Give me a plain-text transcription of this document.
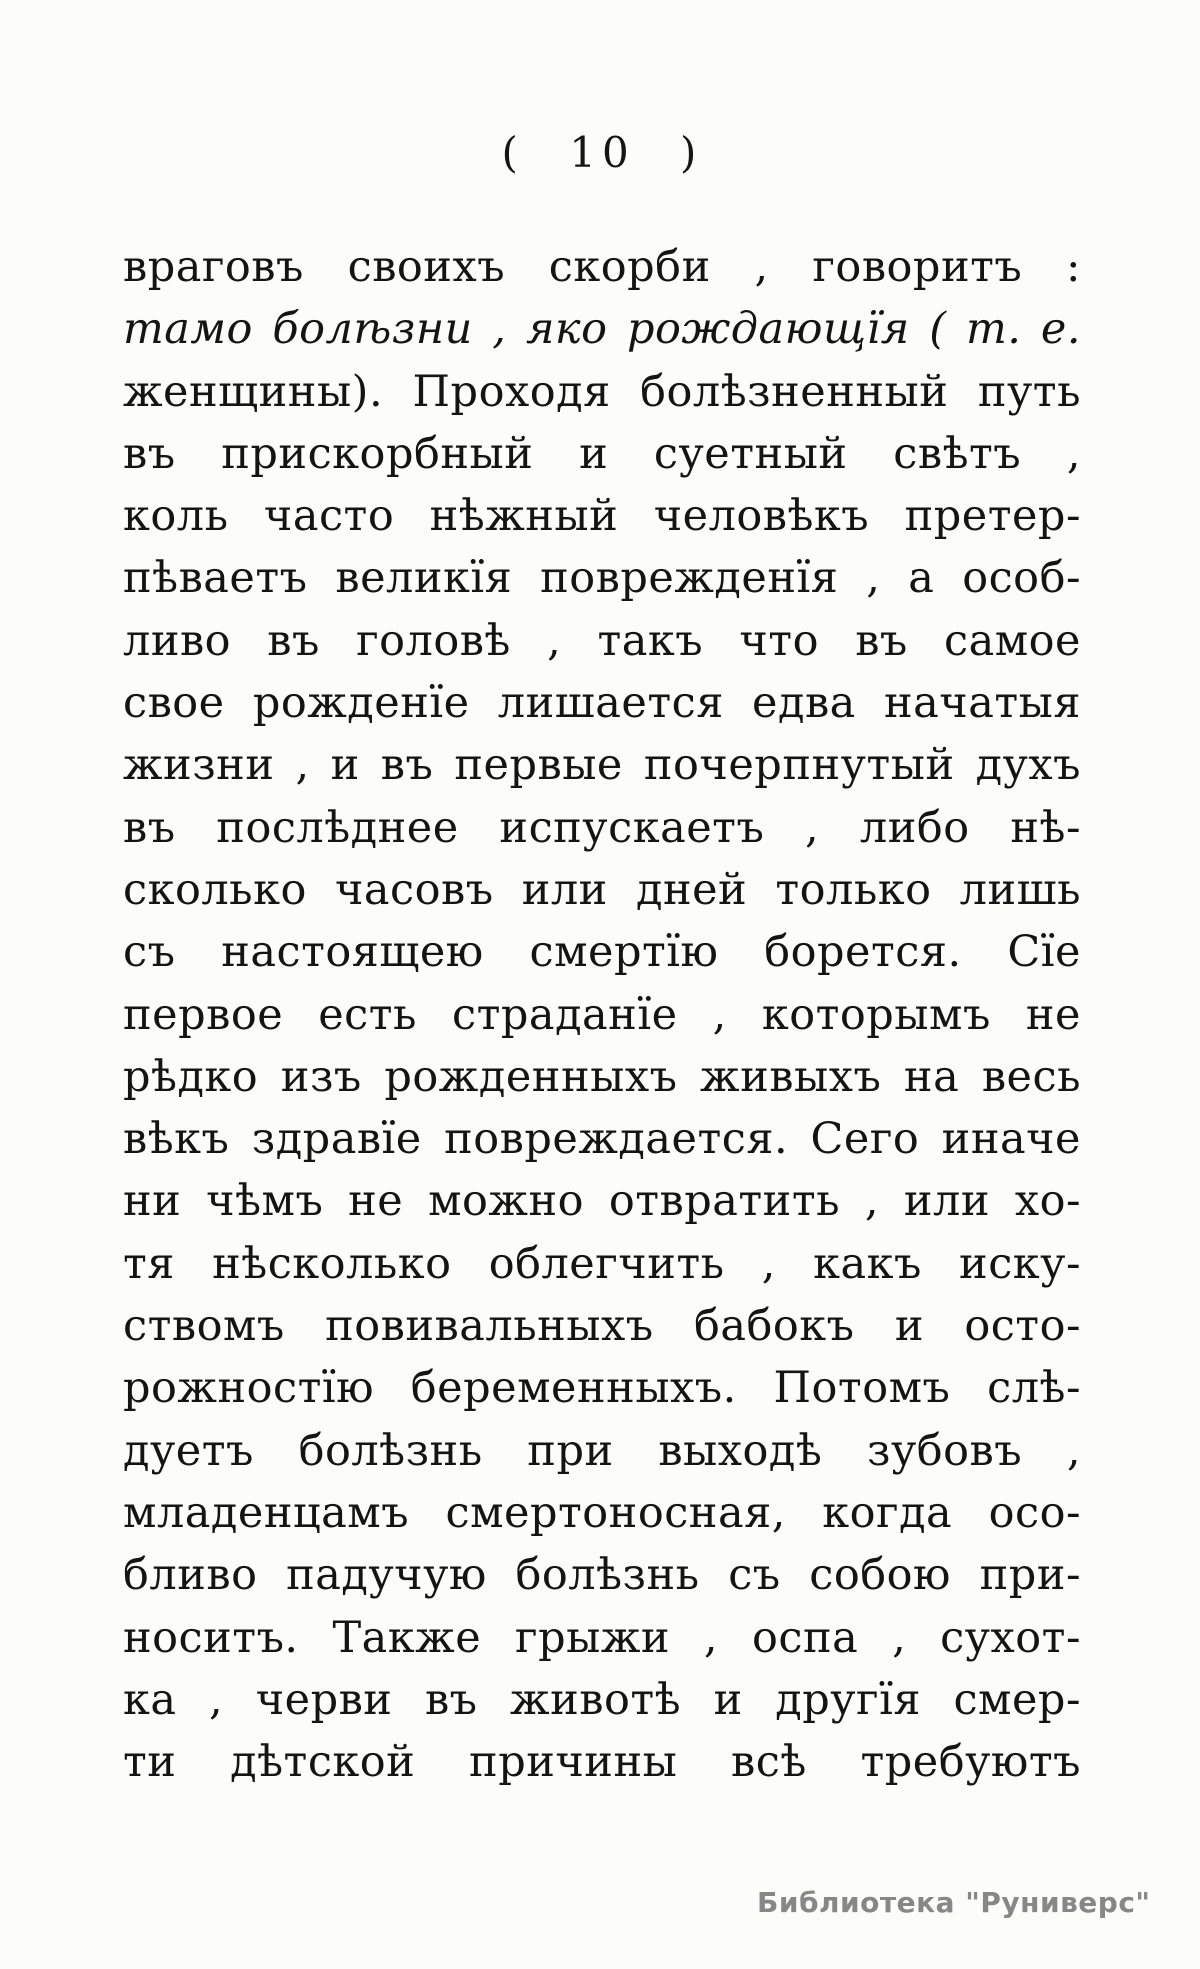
( 10 )
враговъ своихъ скорби , говоритъ :
тамо болѣзни , яко рождающїя ( т. е.
женщины). Проходя болѣзненный путь
въ прискорбный и суетный свѣтъ ,
коль часто нѣжный человѣкъ претер-
пѣваетъ великїя поврежденїя , а особ-
ливо въ головѣ , такъ что въ самое
свое рожденїе лишается едва начатыя
жизни , и въ первые почерпнутый духъ
въ послѣднее испускаетъ , либо нѣ-
сколько часовъ или дней только лишь
съ настоящею смертїю борется. Сїе
первое есть страданїе , которымъ не
рѣдко изъ рожденныхъ живыхъ на весь
вѣкъ здравїе повреждается. Сего иначе
ни чѣмъ не можно отвратить , или хо-
тя нѣсколько облегчить , какъ иску-
ствомъ повивальныхъ бабокъ и осто-
рожностїю беременныхъ. Потомъ слѣ-
дуетъ болѣзнь при выходѣ зубовъ ,
младенцамъ смертоносная, когда осо-
бливо падучую болѣзнь съ собою при-
носитъ. Также грыжи , оспа , сухот-
ка , черви въ животѣ и другїя смер-
ти дѣтской причины всѣ требуютъ
Библиотека "Руниверс"
